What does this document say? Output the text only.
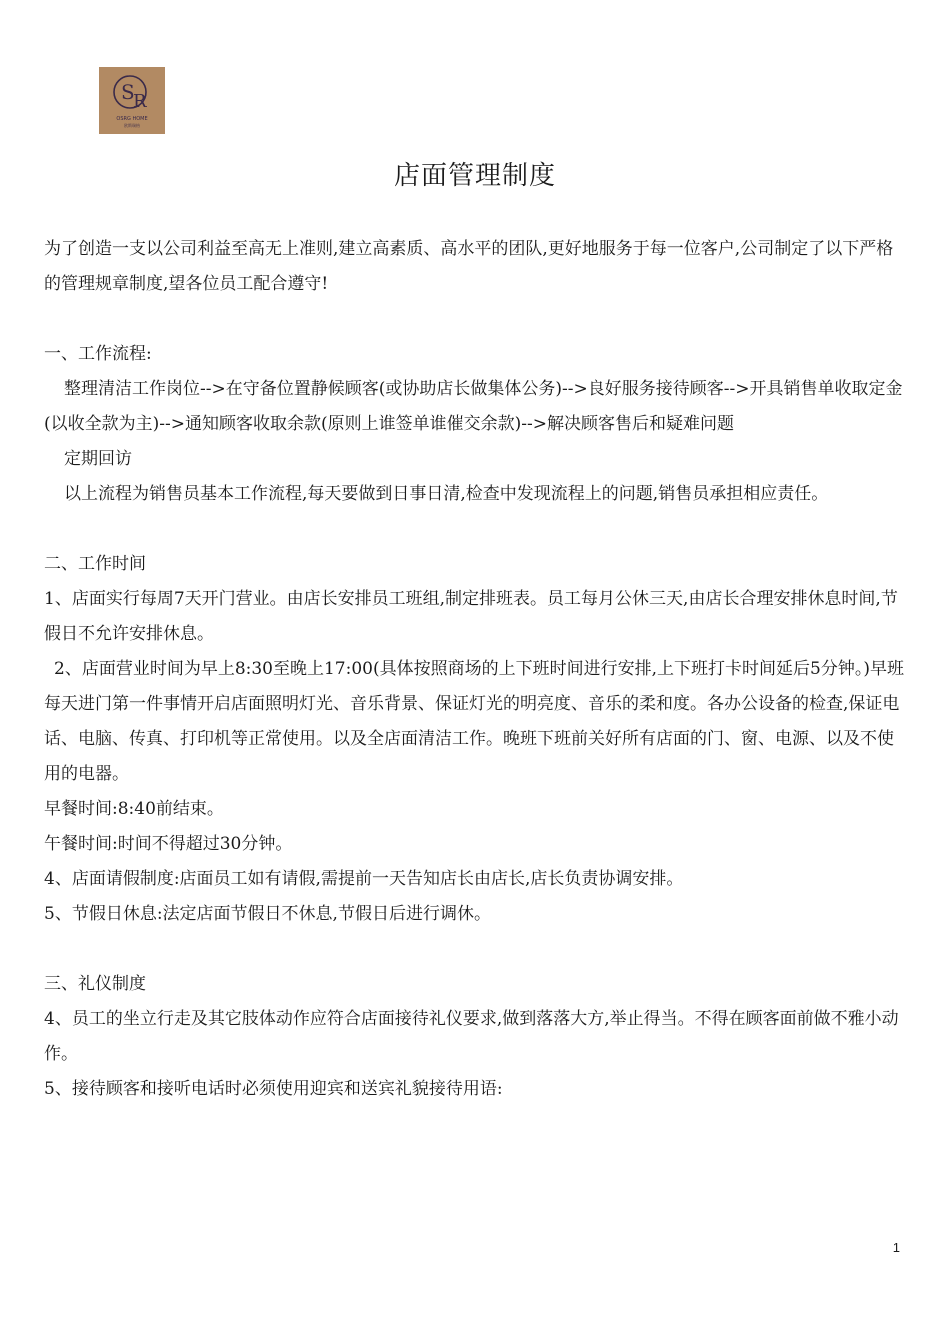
S
R
OSRG HOME
欧斯瑞格
店面管理制度

为了创造一支以公司利益至高无上准则,建立高素质、高水平的团队,更好地服务于每一位客户,公司制定了以下严格的管理规章制度,望各位员工配合遵守!

一、工作流程:

整理清洁工作岗位-->在守备位置静候顾客(或协助店长做集体公务)-->良好服务接待顾客-->开具销售单收取定金(以收全款为主)-->通知顾客收取余款(原则上谁签单谁催交余款)-->解决顾客售后和疑难问题

定期回访

以上流程为销售员基本工作流程,每天要做到日事日清,检查中发现流程上的问题,销售员承担相应责任。

二、工作时间

1、店面实行每周7天开门营业。由店长安排员工班组,制定排班表。员工每月公休三天,由店长合理安排休息时间,节假日不允许安排休息。

2、店面营业时间为早上8:30至晚上17:00(具体按照商场的上下班时间进行安排,上下班打卡时间延后5分钟。)早班每天进门第一件事情开启店面照明灯光、音乐背景、保证灯光的明亮度、音乐的柔和度。各办公设备的检查,保证电话、电脑、传真、打印机等正常使用。以及全店面清洁工作。晚班下班前关好所有店面的门、窗、电源、以及不使用的电器。

早餐时间:8:40前结束。

午餐时间:时间不得超过30分钟。

4、店面请假制度:店面员工如有请假,需提前一天告知店长由店长,店长负责协调安排。

5、节假日休息:法定店面节假日不休息,节假日后进行调休。

三、礼仪制度

4、员工的坐立行走及其它肢体动作应符合店面接待礼仪要求,做到落落大方,举止得当。不得在顾客面前做不雅小动作。

5、接待顾客和接听电话时必须使用迎宾和送宾礼貌接待用语:

1
